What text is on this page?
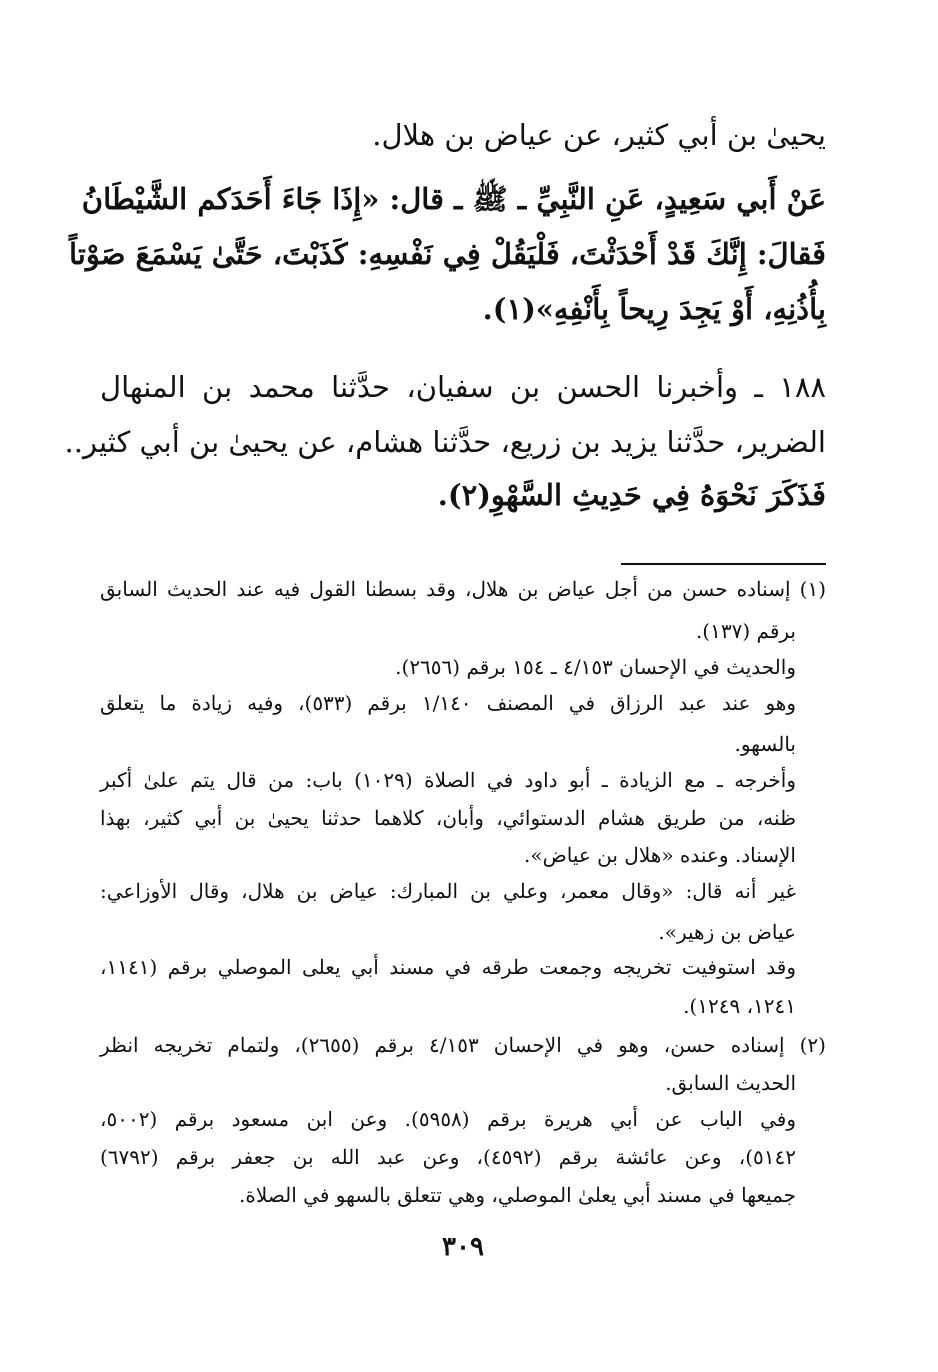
يحيىٰ بن أبي كثير، عن عياض بن هلال.
عَنْ أَبي سَعِيدٍ، عَنِ النَّبِيِّ ـ ﷺ ـ قال: «إِذَا جَاءَ أَحَدَكم الشَّيْطَانُ
فَقالَ: إِنَّكَ قَدْ أَحْدَثْتَ، فَلْيَقُلْ فِي نَفْسِهِ: كَذَبْتَ، حَتَّىٰ يَسْمَعَ صَوْتاً
بِأُذُنِهِ، أَوْ يَجِدَ رِيحاً بِأَنْفِهِ»(١).
١٨٨ ـ وأخبرنا الحسن بن سفيان، حدَّثنا محمد بن المنهال
الضرير، حدَّثنا يزيد بن زريع، حدَّثنا هشام، عن يحيىٰ بن أبي كثير..
فَذَكَرَ نَحْوَهُ فِي حَدِيثِ السَّهْوِ(٢).
(١) إسناده حسن من أجل عياض بن هلال، وقد بسطنا القول فيه عند الحديث السابق
برقم (١٣٧).
والحديث في الإحسان ٤/١٥٣ ـ ١٥٤ برقم (٢٦٥٦).
وهو عند عبد الرزاق في المصنف ١/١٤٠ برقم (٥٣٣)، وفيه زيادة ما يتعلق
بالسهو.
وأخرجه ـ مع الزيادة ـ أبو داود في الصلاة (١٠٢٩) باب: من قال يتم علىٰ أكبر
ظنه، من طريق هشام الدستوائي، وأبان، كلاهما حدثنا يحيىٰ بن أبي كثير، بهذا
الإسناد. وعنده «هلال بن عياض».
غير أنه قال: «وقال معمر، وعلي بن المبارك: عياض بن هلال، وقال الأوزاعي:
عياض بن زهير».
وقد استوفيت تخريجه وجمعت طرقه في مسند أبي يعلى الموصلي برقم (١١٤١،
١٢٤١، ١٢٤٩).
(٢) إسناده حسن، وهو في الإحسان ٤/١٥٣ برقم (٢٦٥٥)، ولتمام تخريجه انظر
الحديث السابق.
وفي الباب عن أبي هريرة برقم (٥٩٥٨). وعن ابن مسعود برقم (٥٠٠٢،
٥١٤٢)، وعن عائشة برقم (٤٥٩٢)، وعن عبد الله بن جعفر برقم (٦٧٩٢)
جميعها في مسند أبي يعلىٰ الموصلي، وهي تتعلق بالسهو في الصلاة.
٣٠٩
